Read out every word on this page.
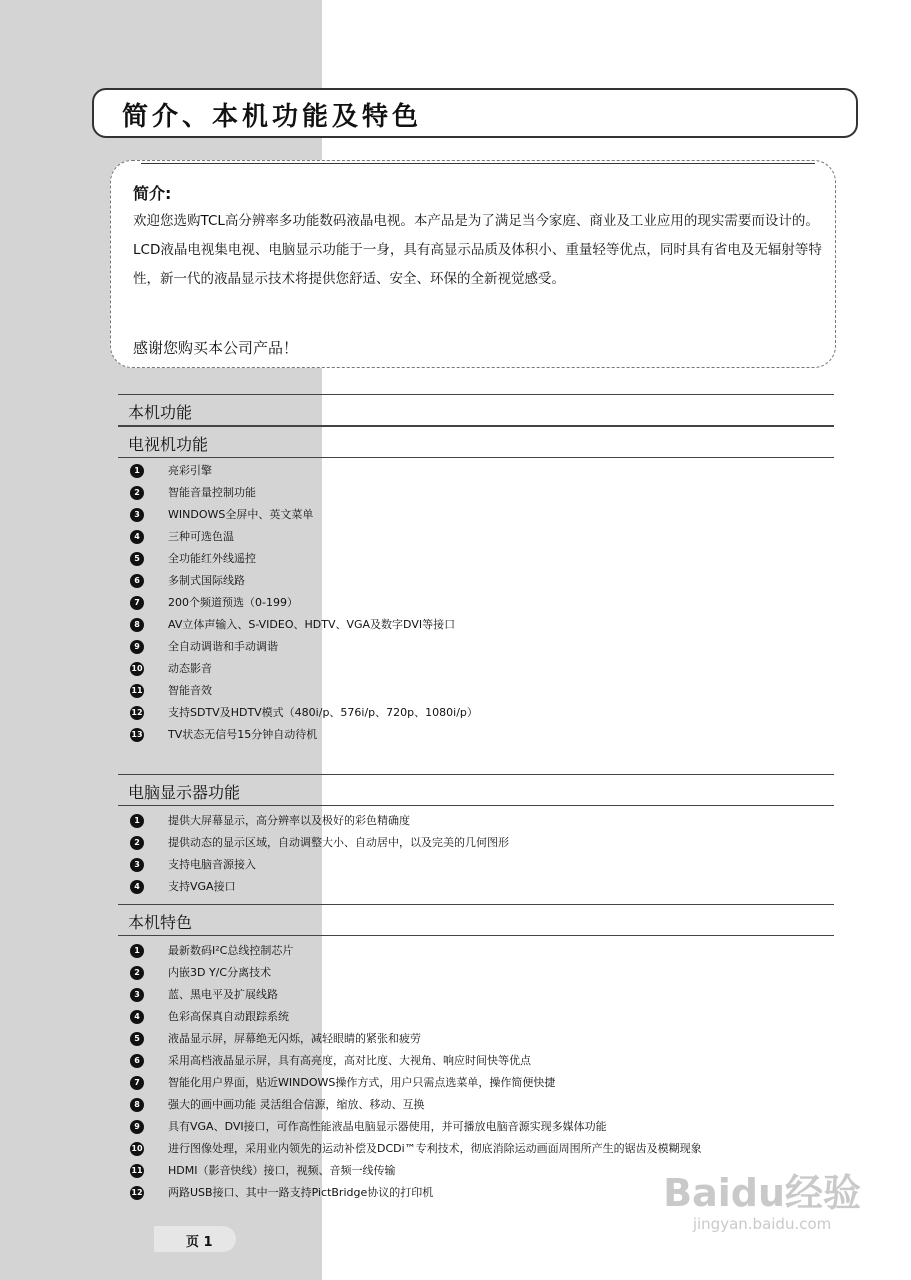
简介、本机功能及特色
简介:
欢迎您选购TCL高分辨率多功能数码液晶电视。本产品是为了满足当今家庭、商业及工业应用的现实需要而设计的。LCD液晶电视集电视、电脑显示功能于一身，具有高显示品质及体积小、重量轻等优点，同时具有省电及无辐射等特性，新一代的液晶显示技术将提供您舒适、安全、环保的全新视觉感受。
感谢您购买本公司产品！
本机功能
电视机功能
1	亮彩引擎
2	智能音量控制功能
3	WINDOWS全屏中、英文菜单
4	三种可选色温
5	全功能红外线遥控
6	多制式国际线路
7	200个频道预选（0-199）
8	AV立体声输入、S-VIDEO、HDTV、VGA及数字DVI等接口
9	全自动调谐和手动调谐
10 动态影音
11 智能音效
12 支持SDTV及HDTV模式（480i/p、576i/p、720p、1080i/p）
13 TV状态无信号15分钟自动待机
电脑显示器功能
1	提供大屏幕显示，高分辨率以及极好的彩色精确度
2	提供动态的显示区域，自动调整大小、自动居中，以及完美的几何图形
3	支持电脑音源接入
4	支持VGA接口
本机特色
1	最新数码I²C总线控制芯片
2	内嵌3D Y/C分离技术
3	蓝、黑电平及扩展线路
4	色彩高保真自动跟踪系统
5	液晶显示屏，屏幕绝无闪烁，减轻眼睛的紧张和疲劳
6	采用高档液晶显示屏，具有高亮度，高对比度、大视角、响应时间快等优点
7	智能化用户界面，贴近WINDOWS操作方式，用户只需点选菜单，操作简便快捷
8	强大的画中画功能 灵活组合信源，缩放、移动、互换
9	具有VGA、DVI接口，可作高性能液晶电脑显示器使用，并可播放电脑音源实现多媒体功能
10 进行图像处理，采用业内领先的运动补偿及DCDi™专利技术，彻底消除运动画面周围所产生的锯齿及模糊现象
11 HDMI（影音快线）接口，视频、音频一线传输
12 两路USB接口、其中一路支持PictBridge协议的打印机
页 1
Baidu经验
jingyan.baidu.com
